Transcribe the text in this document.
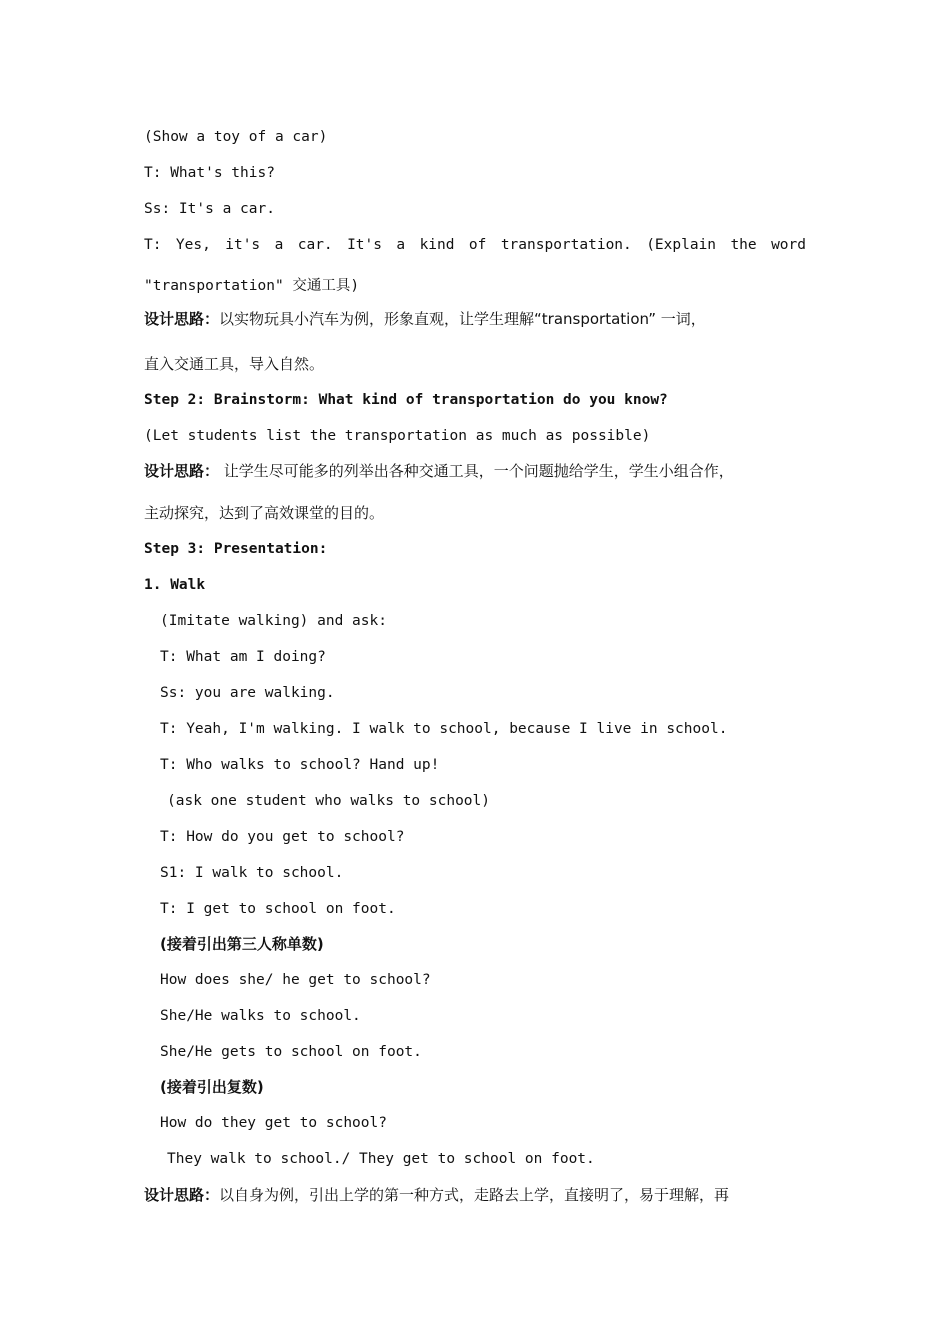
(Show a toy of a car)
T: What's this?
Ss: It's a car.
T: Yes, it's a car. It's a kind of transportation. (Explain the word
"transportation" 交通工具)
设计思路：以实物玩具小汽车为例，形象直观，让学生理解“transportation” 一词，
直入交通工具，导入自然。
Step 2: Brainstorm: What kind of transportation do you know?
(Let students list the transportation as much as possible)
设计思路： 让学生尽可能多的列举出各种交通工具，一个问题抛给学生，学生小组合作，
主动探究，达到了高效课堂的目的。
Step 3: Presentation:
1. Walk
(Imitate walking) and ask:
T: What am I doing?
Ss: you are walking.
T: Yeah, I'm walking. I walk to school, because I live in school.
T: Who walks to school? Hand up!
(ask one student who walks to school)
T: How do you get to school?
S1: I walk to school.
T: I get to school on foot.
(接着引出第三人称单数)
How does she/ he get to school?
She/He walks to school.
She/He gets to school on foot.
(接着引出复数)
How do they get to school?
They walk to school./ They get to school on foot.
设计思路：以自身为例，引出上学的第一种方式，走路去上学，直接明了，易于理解，再
